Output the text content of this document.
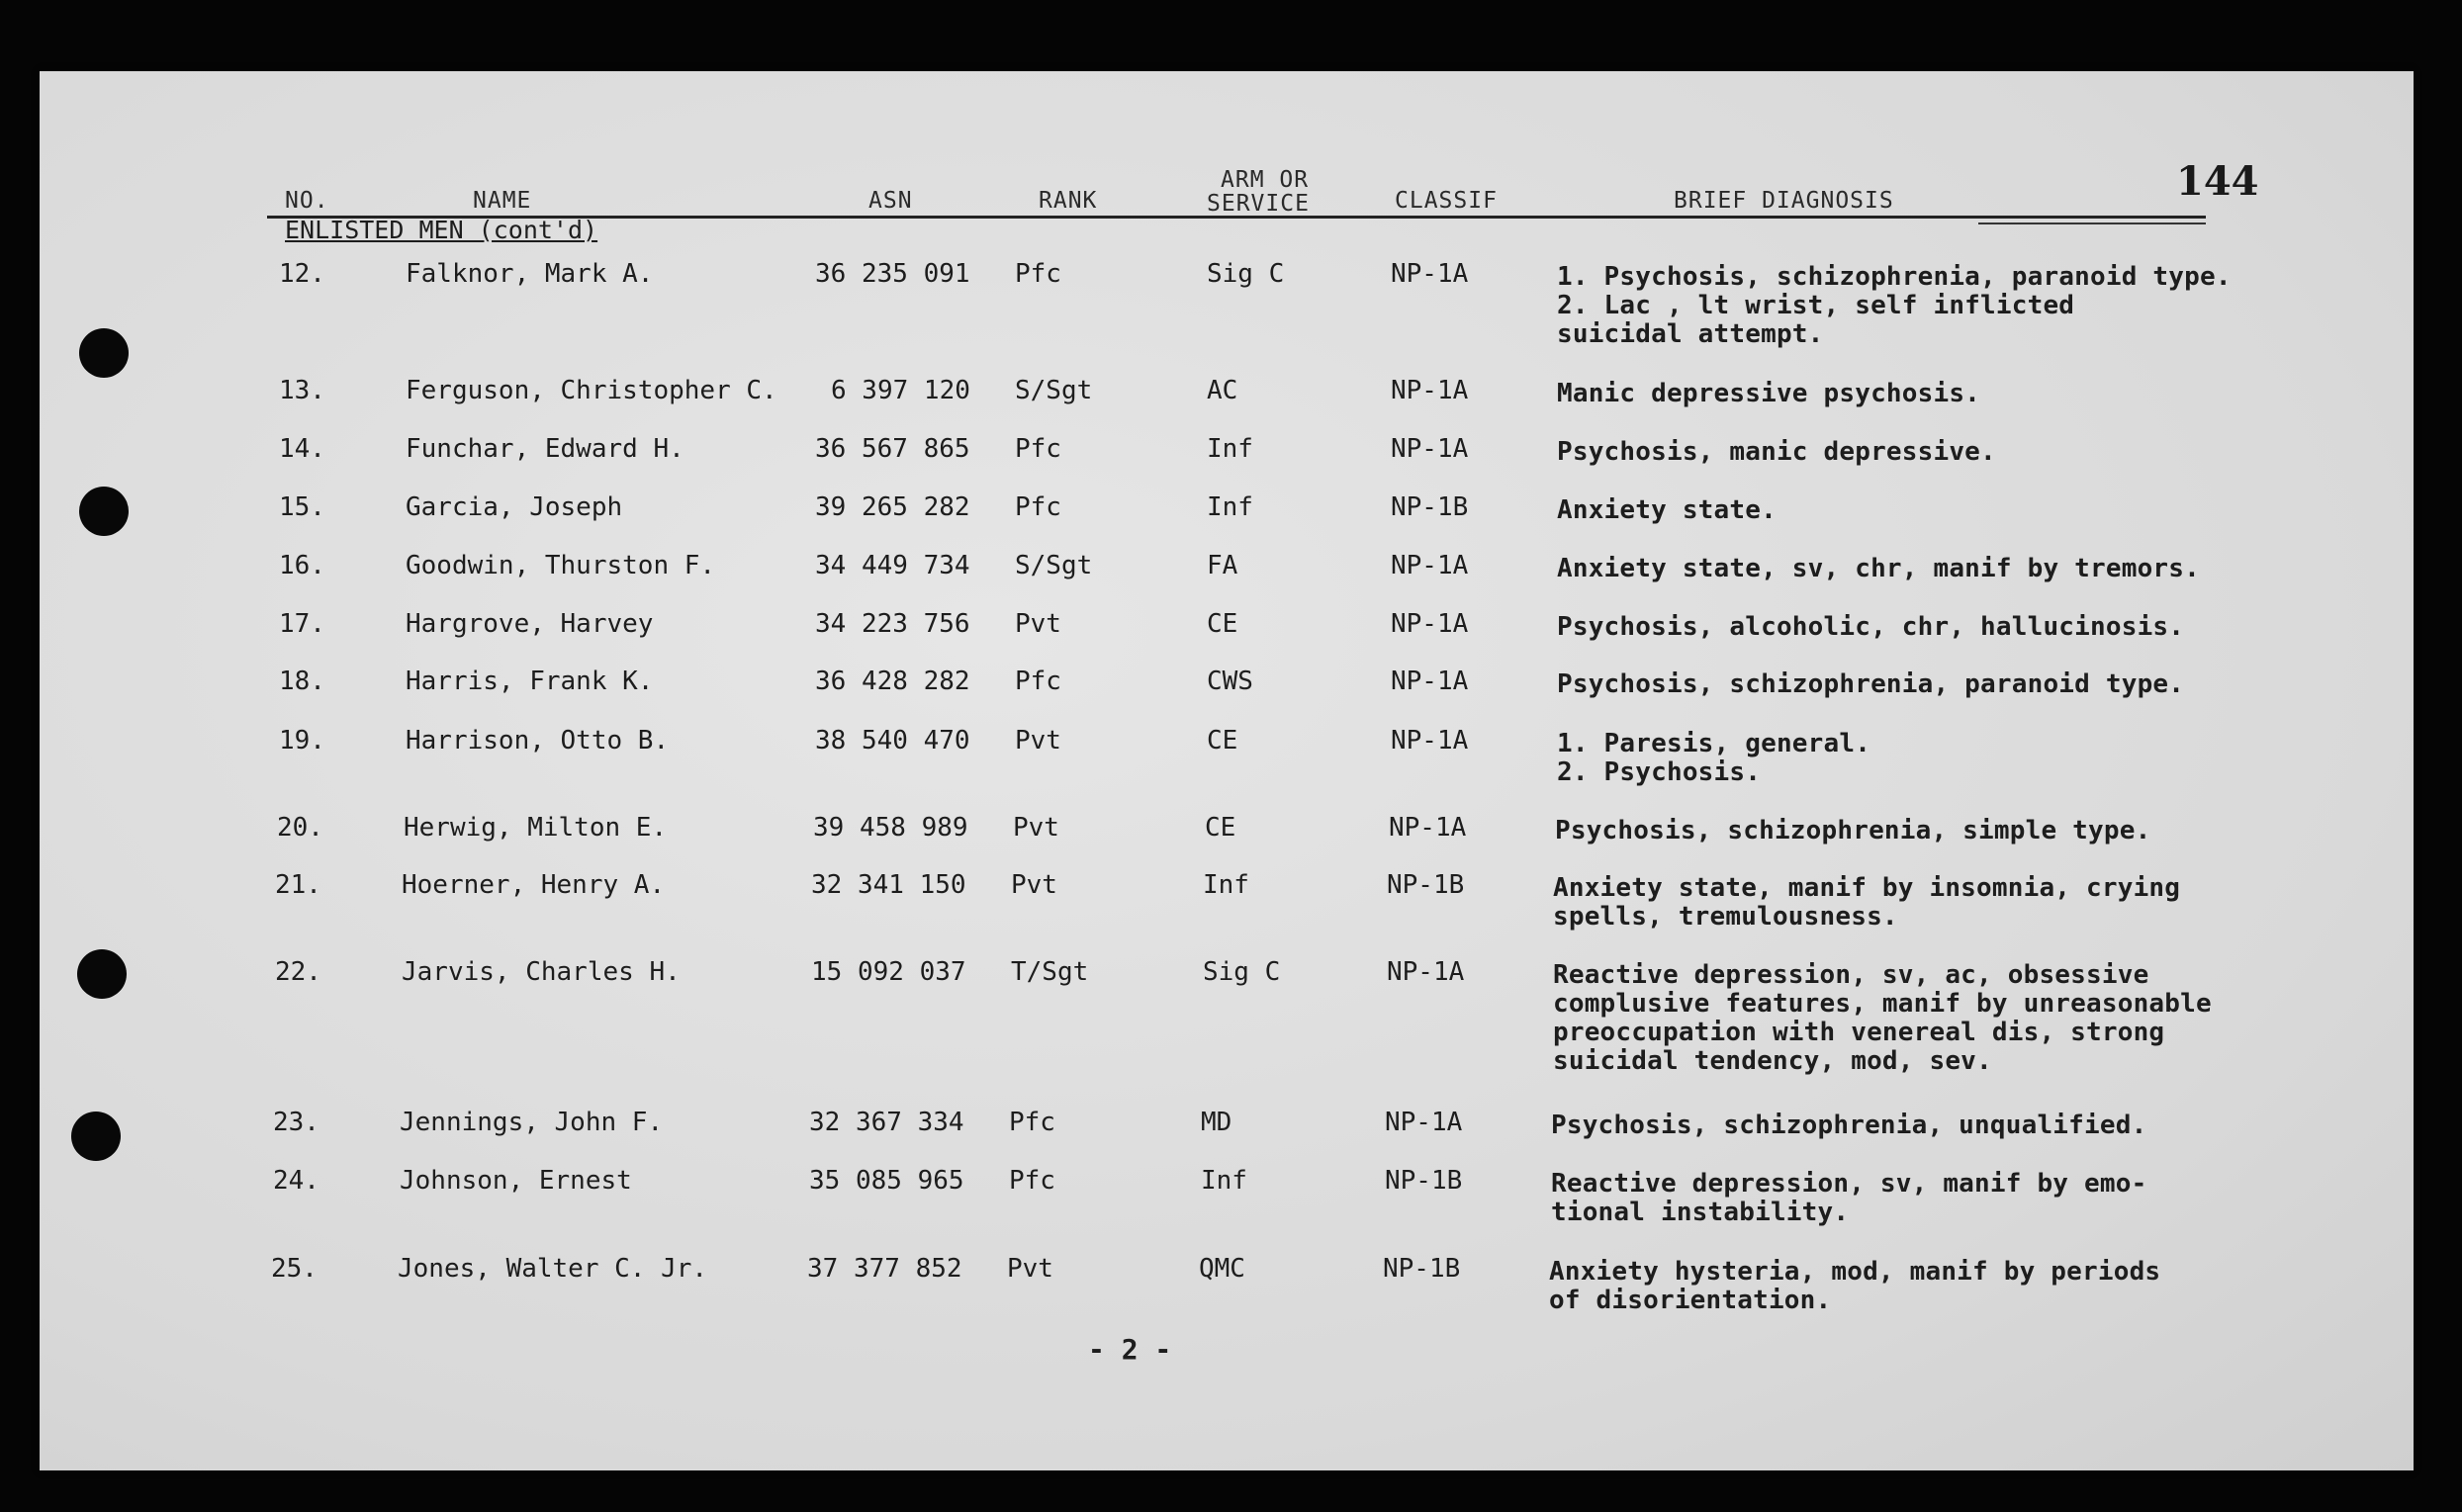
144
NO.	NAME	ASN	RANK
ARM OR
SERVICE	CLASSIF	BRIEF DIAGNOSIS
ENLISTED MEN (cont'd)
12.	Falknor, Mark A.	36 235 091 Pfc	Sig C	NP-1A	1. Psychosis, schizophrenia, paranoid type.
2. Lac , lt wrist, self inflicted
suicidal attempt.
13.	Ferguson, Christopher C. 6 397 120 S/Sgt	AC	NP-1A	Manic depressive psychosis.
14.	Funchar, Edward H.	36 567 865 Pfc	Inf	NP-1A	Psychosis, manic depressive.
15.	Garcia, Joseph	39 265 282 Pfc	Inf	NP-1B	Anxiety state.
16.	Goodwin, Thurston F.	34 449 734 S/Sgt	FA	NP-1A	Anxiety state, sv, chr, manif by tremors.
17.	Hargrove, Harvey	34 223 756 Pvt	CE	NP-1A	Psychosis, alcoholic, chr, hallucinosis.
18.	Harris, Frank K.	36 428 282 Pfc	CWS	NP-1A	Psychosis, schizophrenia, paranoid type.
19.	Harrison, Otto B.	38 540 470 Pvt	CE	NP-1A	1. Paresis, general.
2. Psychosis.
20.	Herwig, Milton E.	39 458 989 Pvt	CE	NP-1A	Psychosis, schizophrenia, simple type.
21.	Hoerner, Henry A.	32 341 150 Pvt	Inf	NP-1B	Anxiety state, manif by insomnia, crying
spells, tremulousness.
22.	Jarvis, Charles H.	15 092 037 T/Sgt	Sig C	NP-1A	Reactive depression, sv, ac, obsessive
complusive features, manif by unreasonable
preoccupation with venereal dis, strong
suicidal tendency, mod, sev.
23.	Jennings, John F.	32 367 334 Pfc	MD	NP-1A	Psychosis, schizophrenia, unqualified.
24.	Johnson, Ernest	35 085 965 Pfc	Inf	NP-1B	Reactive depression, sv, manif by emo-
tional instability.
25.	Jones, Walter C. Jr.	37 377 852 Pvt	QMC	NP-1B	Anxiety hysteria, mod, manif by periods
of disorientation.
- 2 -
